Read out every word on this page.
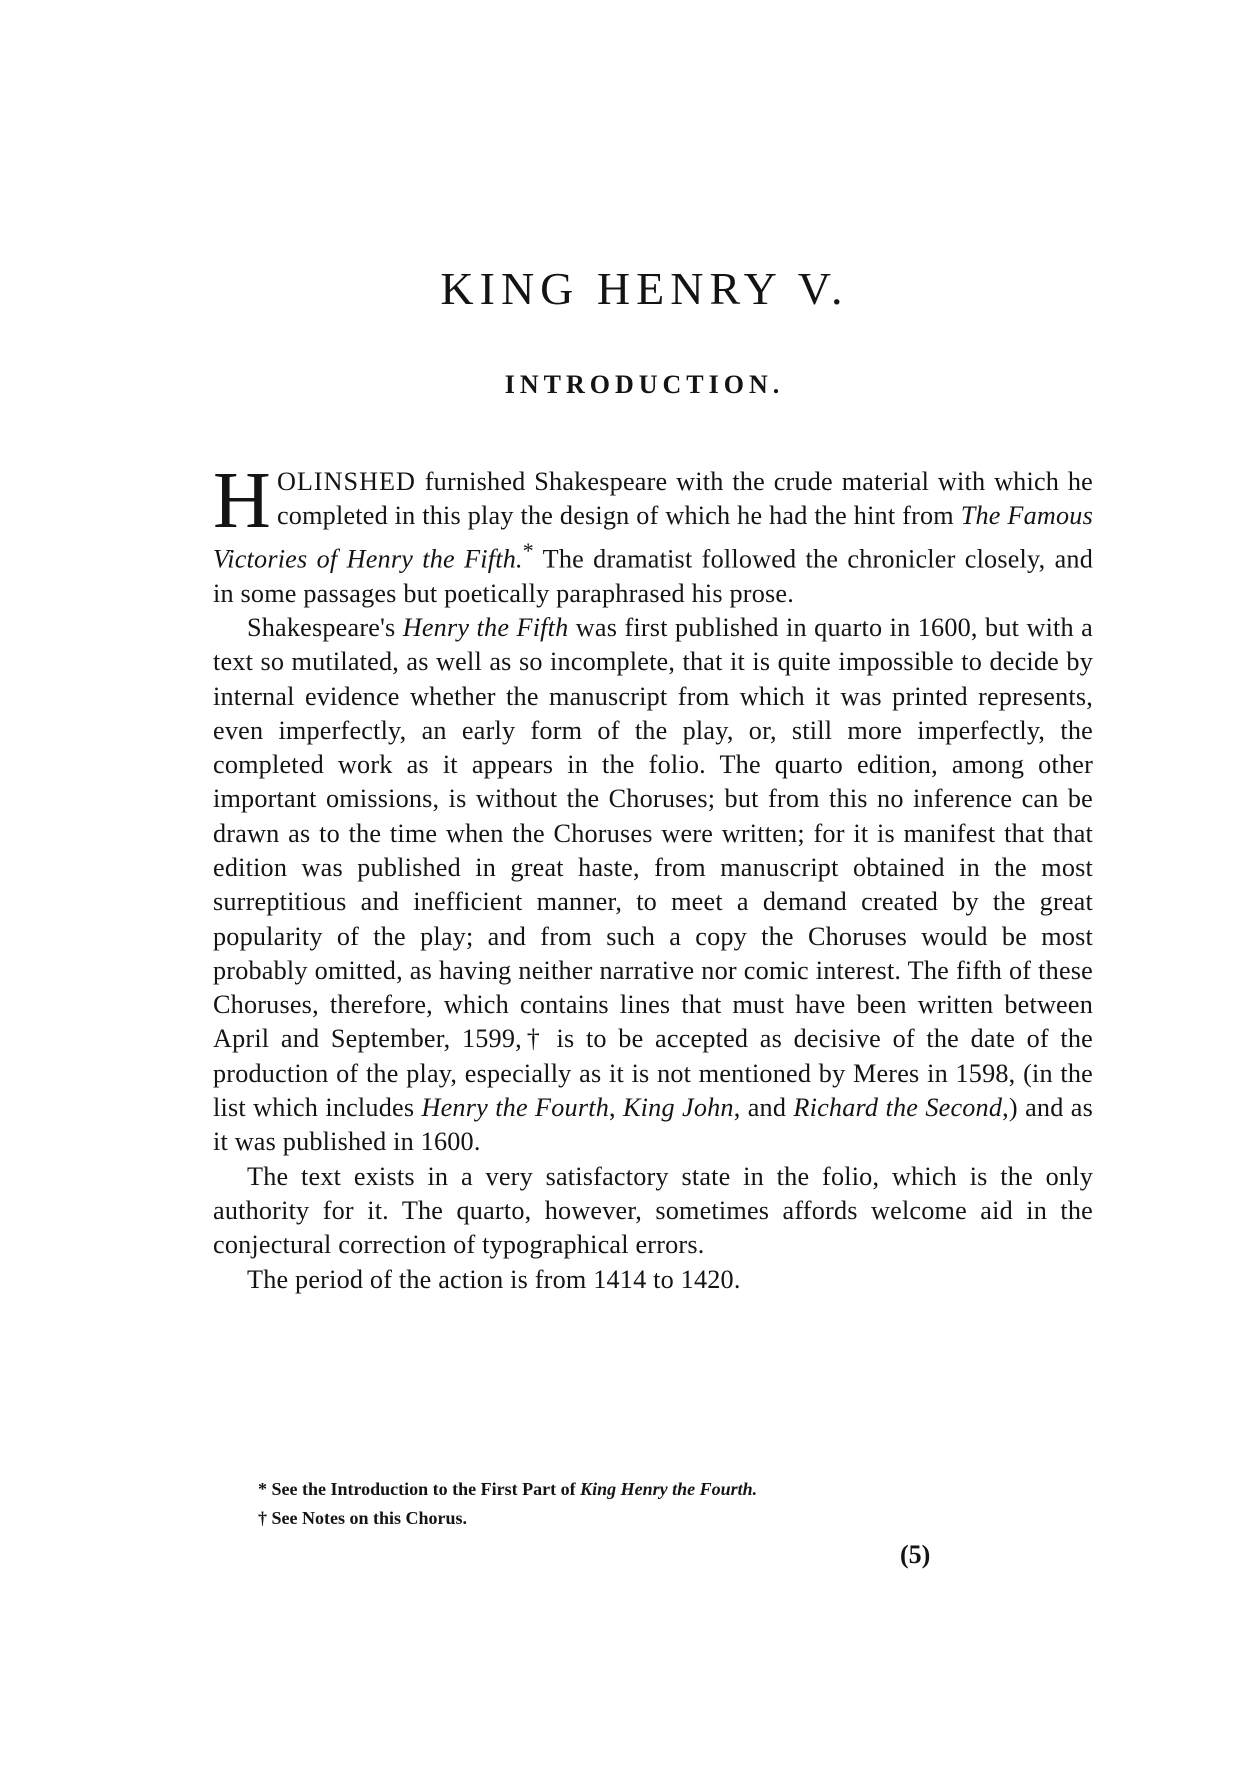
KING HENRY V.
INTRODUCTION.

HOLINSHED furnished Shakespeare with the crude material with which he completed in this play the design of which he had the hint from The Famous Victories of Henry the Fifth.* The dramatist followed the chronicler closely, and in some passages but poetically paraphrased his prose.

Shakespeare's Henry the Fifth was first published in quarto in 1600, but with a text so mutilated, as well as so incomplete, that it is quite impossible to decide by internal evidence whether the manuscript from which it was printed represents, even imperfectly, an early form of the play, or, still more imperfectly, the completed work as it appears in the folio. The quarto edition, among other important omissions, is without the Choruses; but from this no inference can be drawn as to the time when the Choruses were written; for it is manifest that that edition was published in great haste, from manuscript obtained in the most surreptitious and inefficient manner, to meet a demand created by the great popularity of the play; and from such a copy the Choruses would be most probably omitted, as having neither narrative nor comic interest. The fifth of these Choruses, therefore, which contains lines that must have been written between April and September, 1599,† is to be accepted as decisive of the date of the production of the play, especially as it is not mentioned by Meres in 1598, (in the list which includes Henry the Fourth, King John, and Richard the Second,) and as it was published in 1600.

The text exists in a very satisfactory state in the folio, which is the only authority for it. The quarto, however, sometimes affords welcome aid in the conjectural correction of typographical errors.

The period of the action is from 1414 to 1420.

* See the Introduction to the First Part of King Henry the Fourth.

† See Notes on this Chorus.

(5)
